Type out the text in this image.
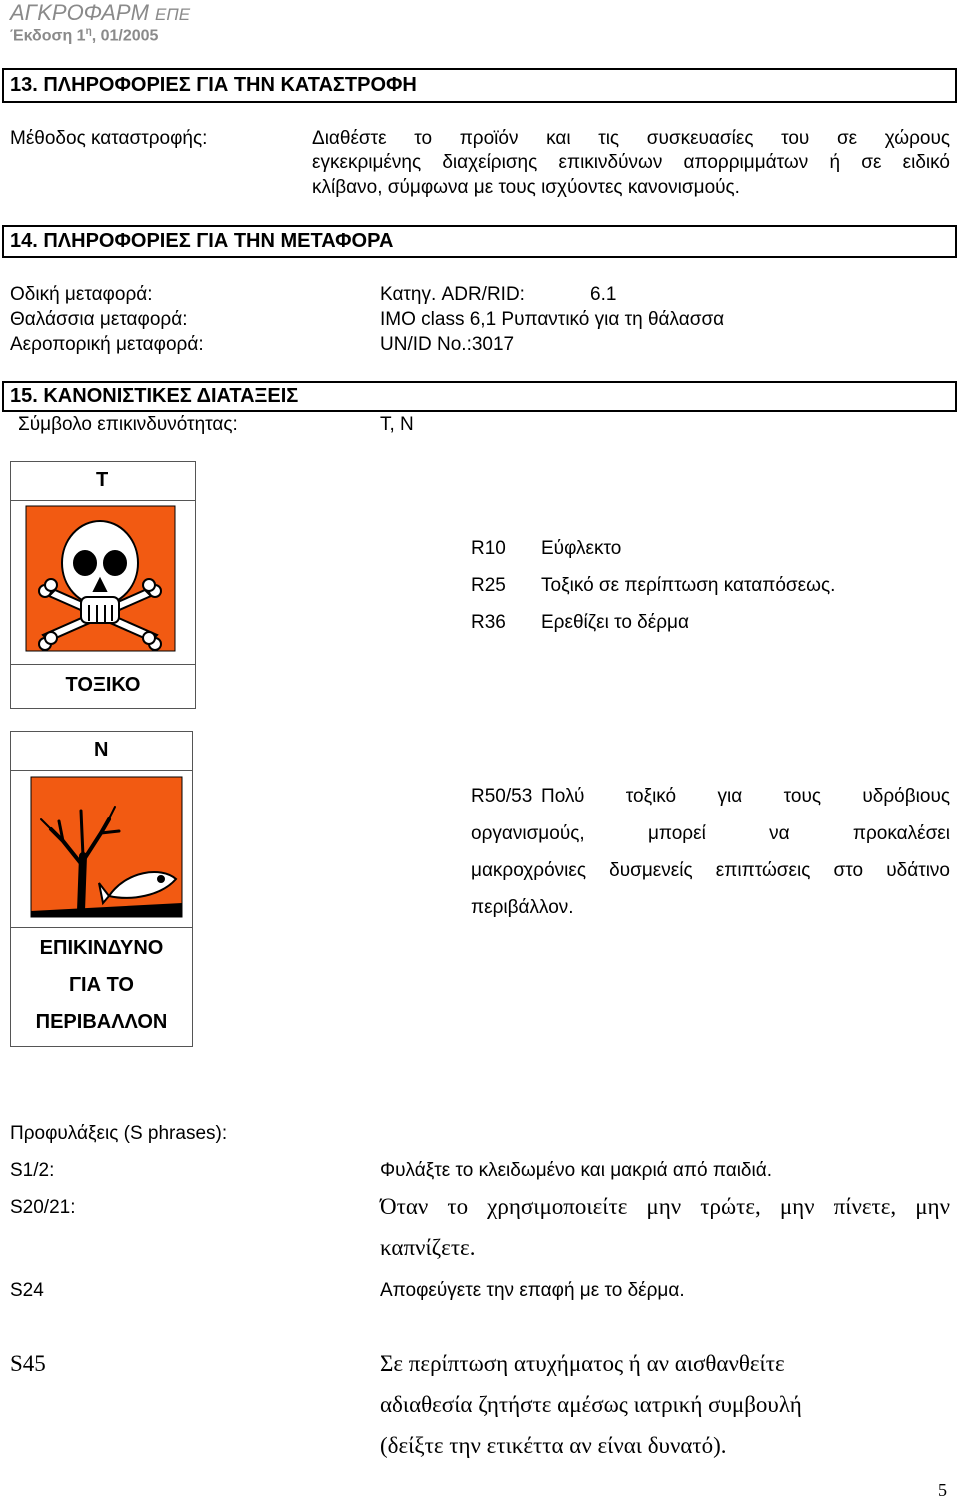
ΑΓΚΡΟΦΑΡΜ ΕΠΕ
Έκδοση $1^\eta$, 01/2005
13. ΠΛΗΡΟΦΟΡΙΕΣ ΓΙΑ ΤΗΝ ΚΑΤΑΣΤΡΟΦΗ
Μέθοδος καταστροφής:	Διαθέστε το προϊόν και τις συσκευασίες του σε χώρους
εγκεκριμένης διαχείρισης επικινδύνων απορριμμάτων ή σε ειδικό
κλίβανο, σύμφωνα με τους ισχύοντες κανονισμούς.
14. ΠΛΗΡΟΦΟΡΙΕΣ ΓΙΑ ΤΗΝ ΜΕΤΑΦΟΡΑ
Οδική μεταφορά:	Κατηγ. ADR/RID:	6.1
Θαλάσσια μεταφορά:	IMO class 6,1 Ρυπαντικό για τη θάλασσα
Αεροπορική μεταφορά:	UN/ID No.:3017
15. ΚΑΝΟΝΙΣΤΙΚΕΣ ΔΙΑΤΑΞΕΙΣ
Σύμβολο επικινδυνότητας:	T, N
T
ΤΟΞΙΚΟ
R10 Εύφλεκτο
R25 Τοξικό σε περίπτωση καταπόσεως.
R36 Ερεθίζει το δέρμα
N
ΕΠΙΚΙΝΔΥΝΟ
ΓΙΑ ΤΟ
ΠΕΡΙΒΑΛΛΟΝ
R50/53 Πολύ τοξικό για τους υδρόβιους
οργανισμούς, μπορεί να προκαλέσει
μακροχρόνιες δυσμενείς επιπτώσεις στο υδάτινο
περιβάλλον.
Προφυλάξεις (S phrases):
S1/2:	Φυλάξτε το κλειδωμένο και μακριά από παιδιά.
S20/21:	Όταν το χρησιμοποιείτε μην τρώτε, μην πίνετε, μην
καπνίζετε.
S24	Αποφεύγετε την επαφή με το δέρμα.
S45	Σε περίπτωση ατυχήματος ή αν αισθανθείτε
αδιαθεσία ζητήστε αμέσως ιατρική συμβουλή
(δείξτε την ετικέττα αν είναι δυνατό).
5
